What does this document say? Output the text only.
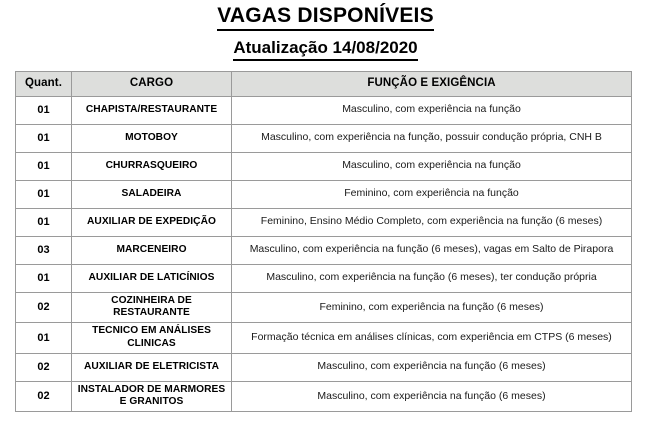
VAGAS DISPONÍVEIS
Atualização 14/08/2020
Quant.	CARGO	FUNÇÃO E EXIGÊNCIA
01	CHAPISTA/RESTAURANTE	Masculino, com experiência na função
01	MOTOBOY	Masculino, com experiência na função, possuir condução própria, CNH B
01	CHURRASQUEIRO	Masculino, com experiência na função
01	SALADEIRA	Feminino, com experiência na função
01	AUXILIAR DE EXPEDIÇÃO	Feminino, Ensino Médio Completo, com experiência na função (6 meses)
03	MARCENEIRO	Masculino, com experiência na função (6 meses), vagas em Salto de Pirapora
01	AUXILIAR DE LATICÍNIOS	Masculino, com experiência na função (6 meses), ter condução própria
02	COZINHEIRA DE RESTAURANTE	Feminino, com experiência na função (6 meses)
01	TECNICO EM ANÁLISES CLINICAS	Formação técnica em análises clínicas, com experiência em CTPS (6 meses)
02	AUXILIAR DE ELETRICISTA	Masculino, com experiência na função (6 meses)
02	INSTALADOR DE MARMORES E GRANITOS	Masculino, com experiência na função (6 meses)
